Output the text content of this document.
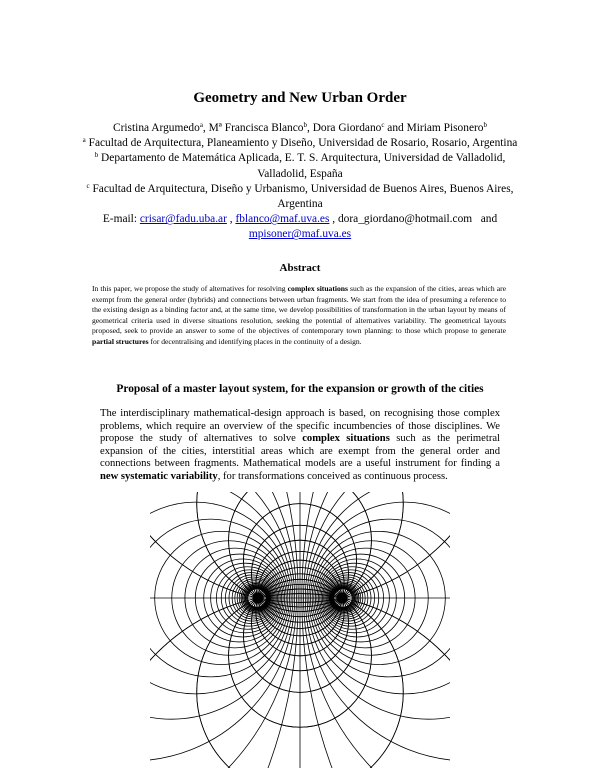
Geometry and New Urban Order
Cristina Argumedo$^a$, Mª Francisca Blanco$^b$, Dora Giordano$^c$ and Miriam Pisonero$^b$
$^a$ Facultad de Arquitectura, Planeamiento y Diseño, Universidad de Rosario, Rosario, Argentina
$^b$ Departamento de Matemática Aplicada, E. T. S. Arquitectura, Universidad de Valladolid, Valladolid, España
$^c$ Facultad de Arquitectura, Diseño y Urbanismo, Universidad de Buenos Aires, Buenos Aires, Argentina
E-mail: crisar@fadu.uba.ar , fblanco@maf.uva.es , dora_giordano@hotmail.com and
mpisoner@maf.uva.es
Abstract
In this paper, we propose the study of alternatives for resolving complex situations such as the expansion of the cities, areas which are exempt from the general order (hybrids) and connections between urban fragments. We start from the idea of presuming a reference to the existing design as a binding factor and, at the same time, we develop possibilities of transformation in the urban layout by means of geometrical criteria used in diverse situations resolution, seeking the potential of alternatives variability. The geometrical layouts proposed, seek to provide an answer to some of the objectives of contemporary town planning: to those which propose to generate partial structures for decentralising and identifying places in the continuity of a design.
Proposal of a master layout system, for the expansion or growth of the cities
The interdisciplinary mathematical-design approach is based, on recognising those complex problems, which require an overview of the specific incumbencies of those disciplines. We propose the study of alternatives to solve complex situations such as the perimetral expansion of the cities, interstitial areas which are exempt from the general order and connections between fragments. Mathematical models are a useful instrument for finding a new systematic variability, for transformations conceived as continuous process.
